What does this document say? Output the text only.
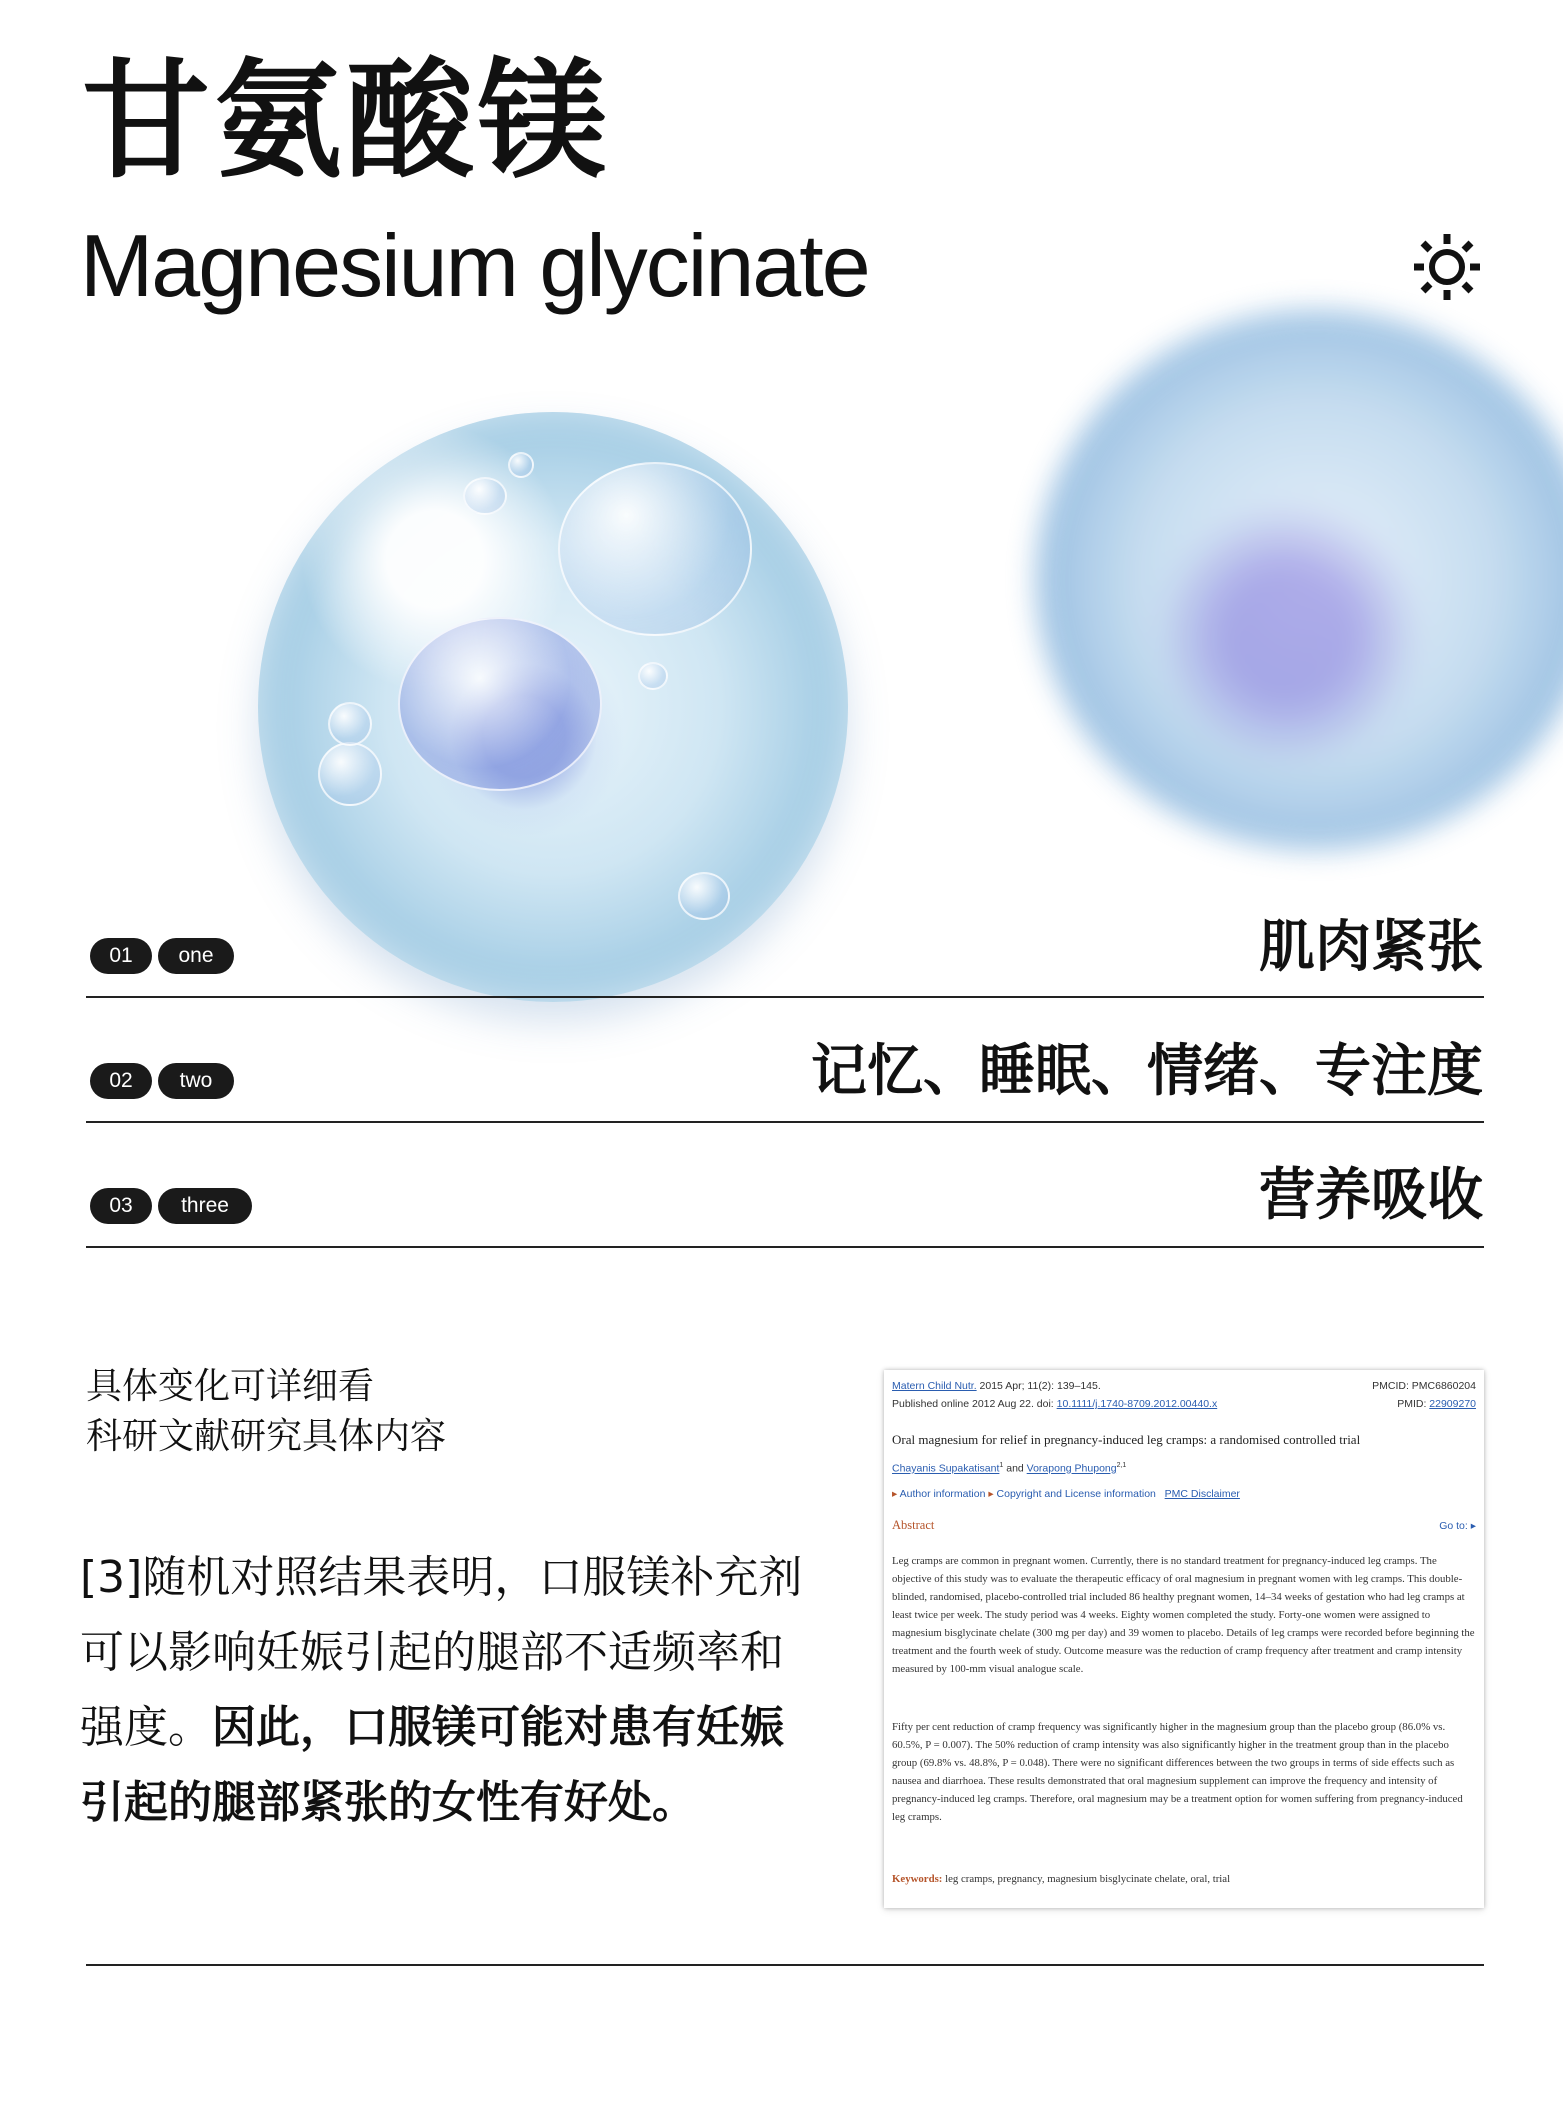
甘氨酸镁
Magnesium glycinate
01	one	肌肉紧张
02	two	记忆、睡眠、情绪、专注度
03	three	营养吸收
具体变化可详细看
科研文献研究具体内容
[3]随机对照结果表明，口服镁补充剂可以影响妊娠引起的腿部不适频率和强度。因此，口服镁可能对患有妊娠引起的腿部紧张的女性有好处。
Matern Child Nutr. 2015 Apr; 11(2): 139–145.	PMCID: PMC6860204
Published online 2012 Aug 22. doi: 10.1111/j.1740-8709.2012.00440.x	PMID: 22909270
Oral magnesium for relief in pregnancy-induced leg cramps: a randomised controlled trial
Chayanis Supakatisant$^1$ and Vorapong Phupong$^{2,1}$
▸ Author information ▸ Copyright and License information PMC Disclaimer
Abstract	Go to: ▸
Leg cramps are common in pregnant women. Currently, there is no standard treatment for pregnancy-induced leg cramps. The objective of this study was to evaluate the therapeutic efficacy of oral magnesium in pregnant women with leg cramps. This double-blinded, randomised, placebo-controlled trial included 86 healthy pregnant women, 14–34 weeks of gestation who had leg cramps at least twice per week. The study period was 4 weeks. Eighty women completed the study. Forty-one women were assigned to magnesium bisglycinate chelate (300 mg per day) and 39 women to placebo. Details of leg cramps were recorded before beginning the treatment and the fourth week of study. Outcome measure was the reduction of cramp frequency after treatment and cramp intensity measured by 100-mm visual analogue scale.
Fifty per cent reduction of cramp frequency was significantly higher in the magnesium group than the placebo group (86.0% vs. 60.5%, P = 0.007). The 50% reduction of cramp intensity was also significantly higher in the treatment group than in the placebo group (69.8% vs. 48.8%, P = 0.048). There were no significant differences between the two groups in terms of side effects such as nausea and diarrhoea. These results demonstrated that oral magnesium supplement can improve the frequency and intensity of pregnancy-induced leg cramps. Therefore, oral magnesium may be a treatment option for women suffering from pregnancy-induced leg cramps.
Keywords: leg cramps, pregnancy, magnesium bisglycinate chelate, oral, trial
